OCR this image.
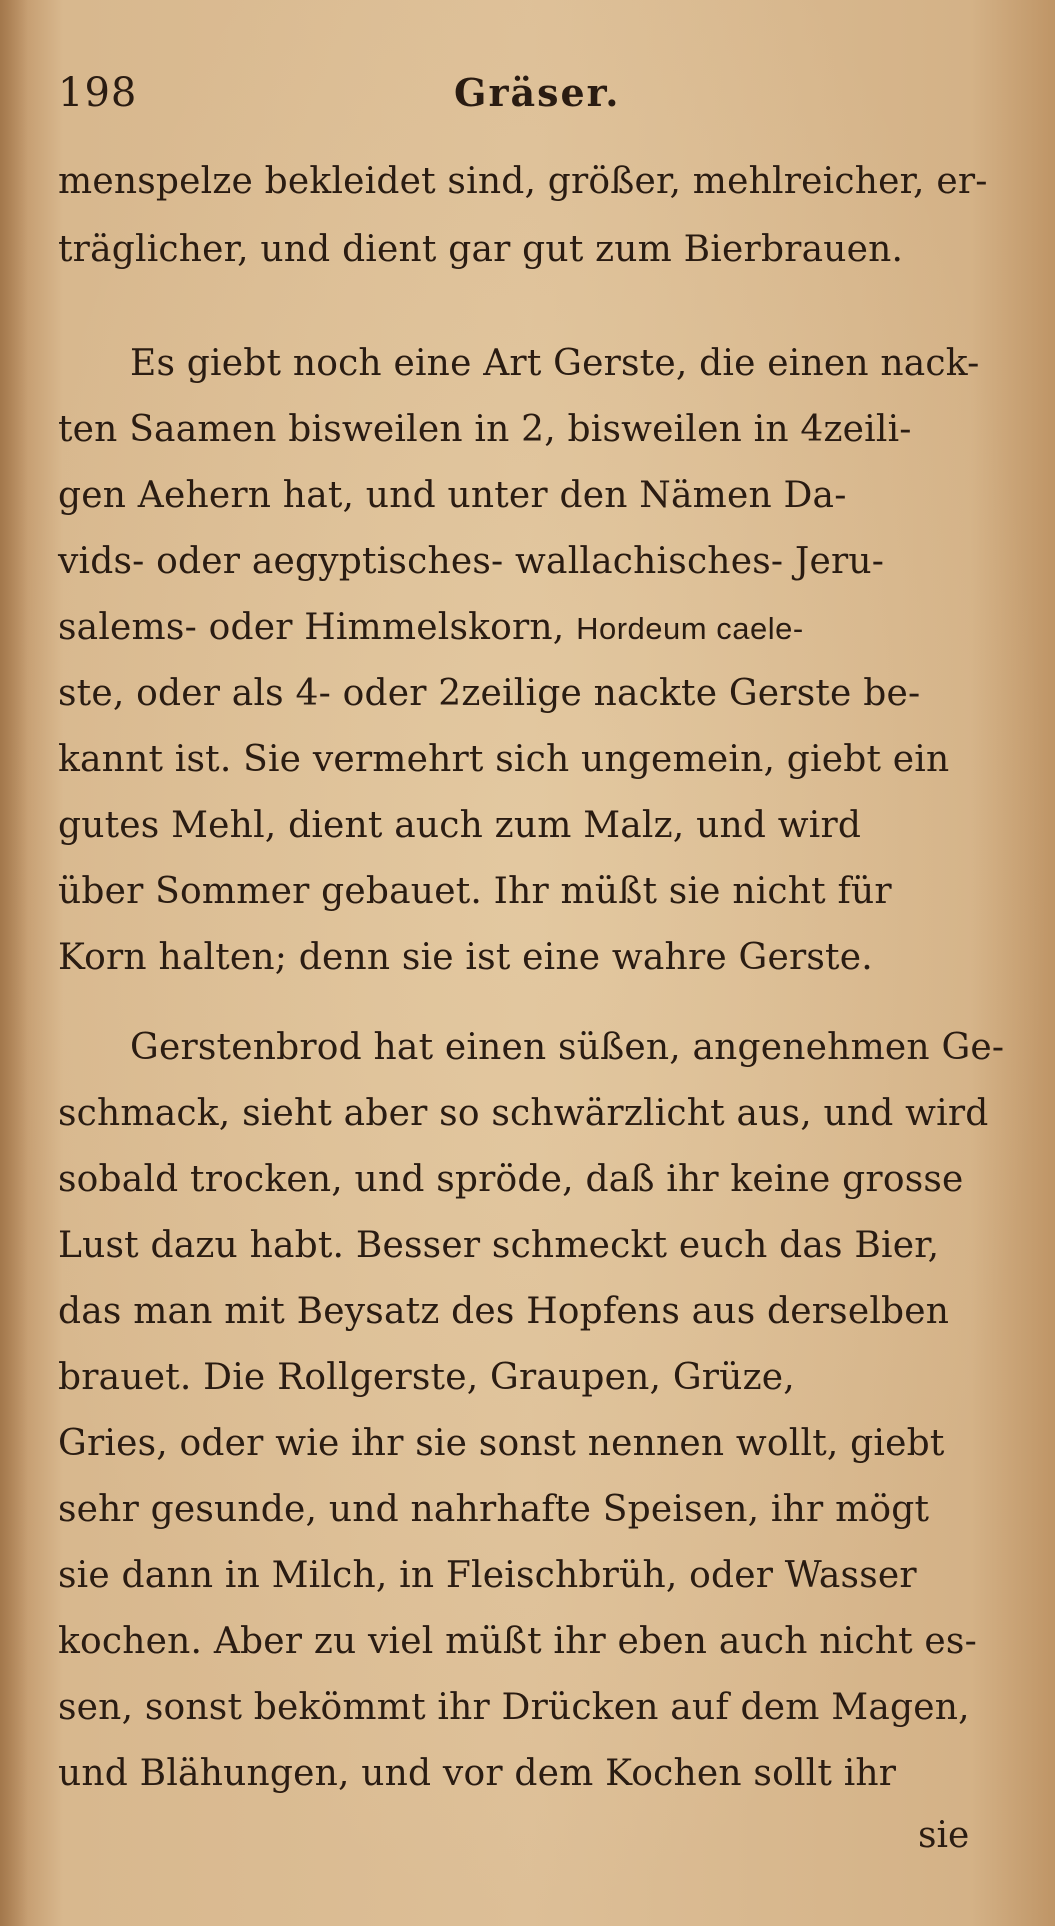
198	Gräser.
menspelze bekleidet sind, größer, mehlreicher, er-
träglicher, und dient gar gut zum Bierbrauen.
Es giebt noch eine Art Gerste, die einen nack-
ten Saamen bisweilen in 2, bisweilen in 4zeili-
gen Aehern hat, und unter den Nämen Da-
vids- oder aegyptisches- wallachisches- Jeru-
salems- oder Himmelskorn, Hordeum caele-
ste, oder als 4- oder 2zeilige nackte Gerste be-
kannt ist. Sie vermehrt sich ungemein, giebt ein
gutes Mehl, dient auch zum Malz, und wird
über Sommer gebauet. Ihr müßt sie nicht für
Korn halten; denn sie ist eine wahre Gerste.
Gerstenbrod hat einen süßen, angenehmen Ge-
schmack, sieht aber so schwärzlicht aus, und wird
sobald trocken, und spröde, daß ihr keine grosse
Lust dazu habt. Besser schmeckt euch das Bier,
das man mit Beysatz des Hopfens aus derselben
brauet. Die Rollgerste, Graupen, Grüze,
Gries, oder wie ihr sie sonst nennen wollt, giebt
sehr gesunde, und nahrhafte Speisen, ihr mögt
sie dann in Milch, in Fleischbrüh, oder Wasser
kochen. Aber zu viel müßt ihr eben auch nicht es-
sen, sonst bekömmt ihr Drücken auf dem Magen,
und Blähungen, und vor dem Kochen sollt ihr
sie
